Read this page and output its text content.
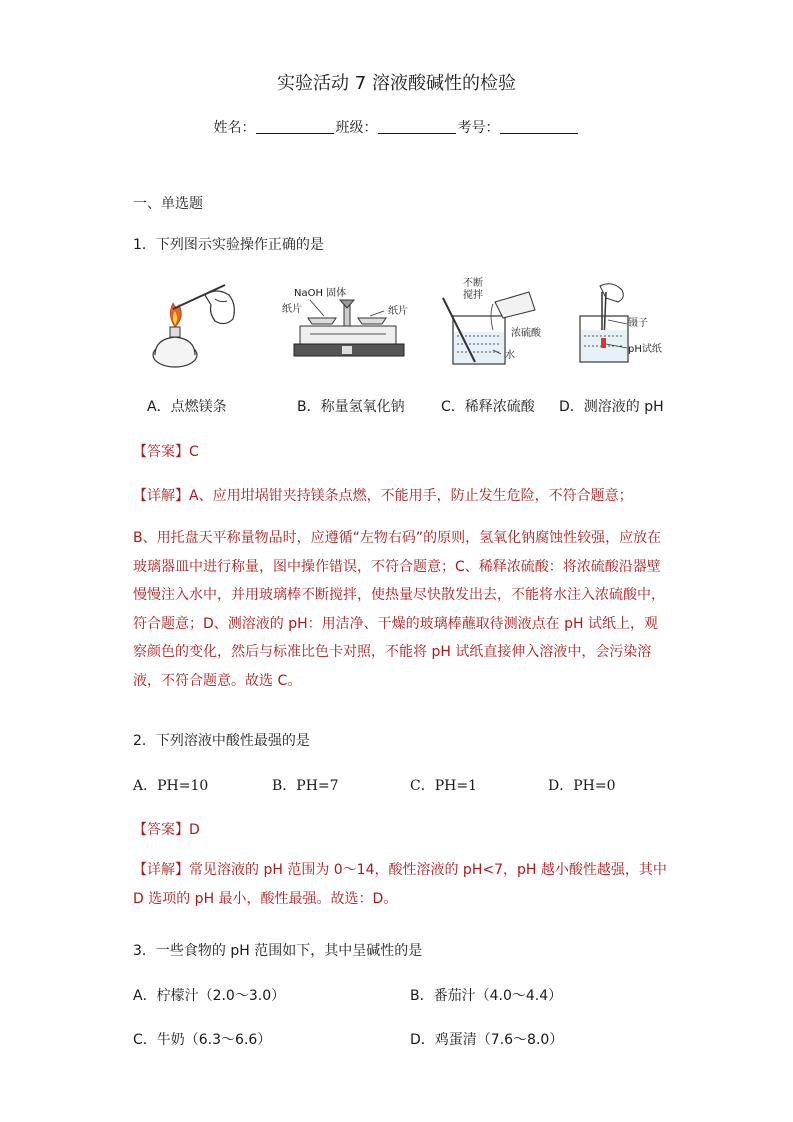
实验活动 7 溶液酸碱性的检验
姓名：	班级：	考号：
一、单选题
1．下列图示实验操作正确的是
NaOH 固体
纸片	纸片
不断
搅拌
浓硫酸
水
镊子
pH试纸
A．点燃镁条	B．称量氢氧化钠	C．稀释浓硫酸 D．测溶液的 pH
【答案】C
【详解】A、应用坩埚钳夹持镁条点燃，不能用手，防止发生危险，不符合题意；
B、用托盘天平称量物品时，应遵循“左物右码”的原则，氢氧化钠腐蚀性较强，应放在玻璃器皿中进行称量，图中操作错误，不符合题意；C、稀释浓硫酸：将浓硫酸沿器壁慢慢注入水中，并用玻璃棒不断搅拌，使热量尽快散发出去，不能将水注入浓硫酸中，符合题意；D、测溶液的 pH：用洁净、干燥的玻璃棒蘸取待测液点在 pH 试纸上，观察颜色的变化，然后与标准比色卡对照，不能将 pH 试纸直接伸入溶液中，会污染溶液，不符合题意。故选 C。
2．下列溶液中酸性最强的是
A．PH=10	B．PH=7	C．PH=1	D．PH=0
【答案】D
【详解】常见溶液的 pH 范围为 0～14，酸性溶液的 pH<7，pH 越小酸性越强，其中 D 选项的 pH 最小，酸性最强。故选：D。
3．一些食物的 pH 范围如下，其中呈碱性的是
A．柠檬汁（2.0～3.0）	B．番茄汁（4.0～4.4）
C．牛奶（6.3～6.6）	D．鸡蛋清（7.6～8.0）
